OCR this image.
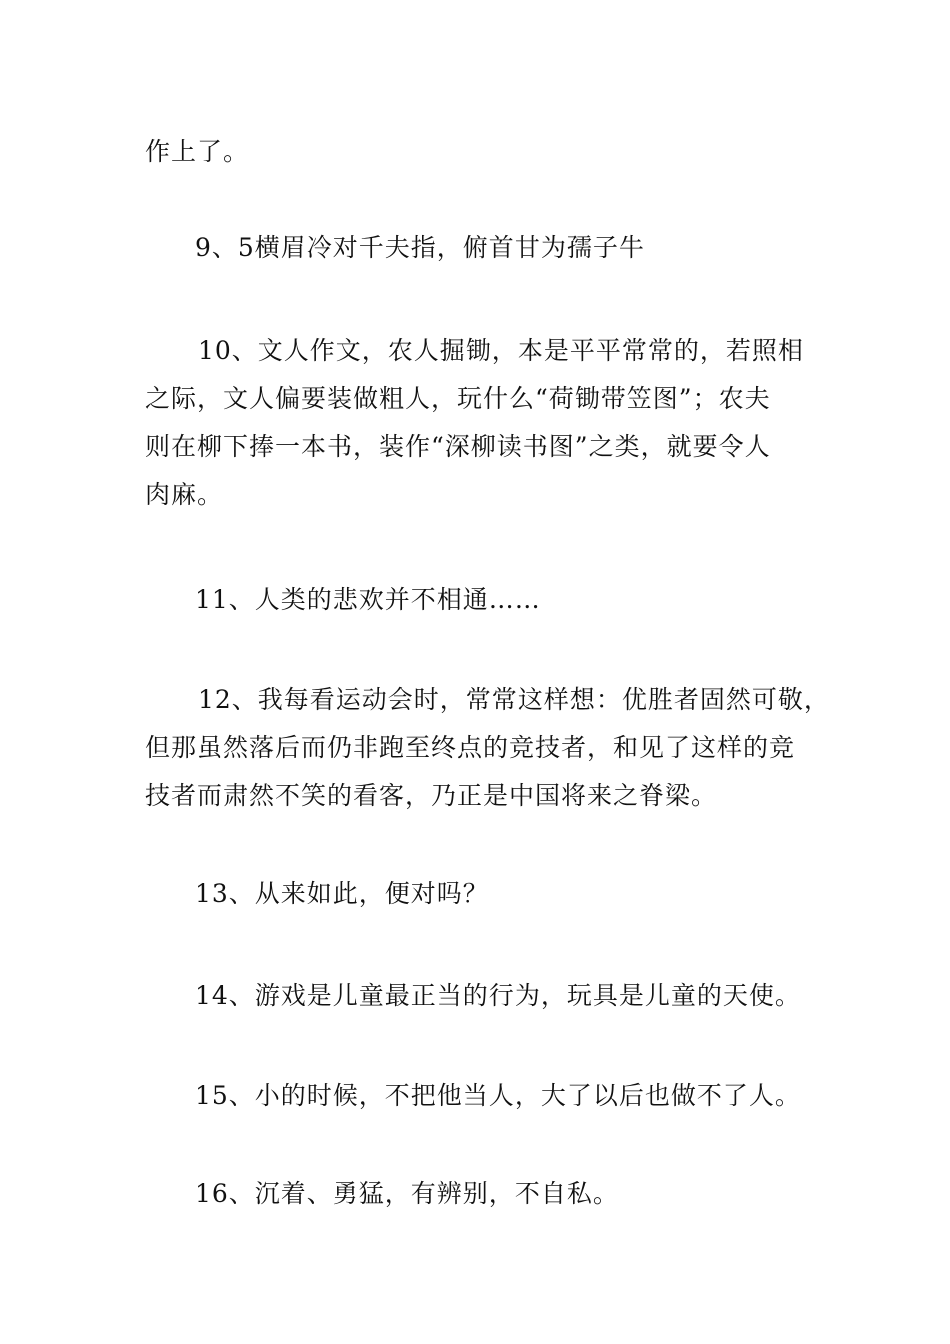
作上了。

9、5横眉冷对千夫指，俯首甘为孺子牛

10、文人作文，农人掘锄，本是平平常常的，若照相
之际，文人偏要装做粗人，玩什么“荷锄带笠图”；农夫
则在柳下捧一本书，装作“深柳读书图”之类，就要令人
肉麻。

11、人类的悲欢并不相通……

12、我每看运动会时，常常这样想：优胜者固然可敬，
但那虽然落后而仍非跑至终点的竞技者，和见了这样的竞
技者而肃然不笑的看客，乃正是中国将来之脊梁。

13、从来如此，便对吗？

14、游戏是儿童最正当的行为，玩具是儿童的天使。

15、小的时候，不把他当人，大了以后也做不了人。

16、沉着、勇猛，有辨别，不自私。
